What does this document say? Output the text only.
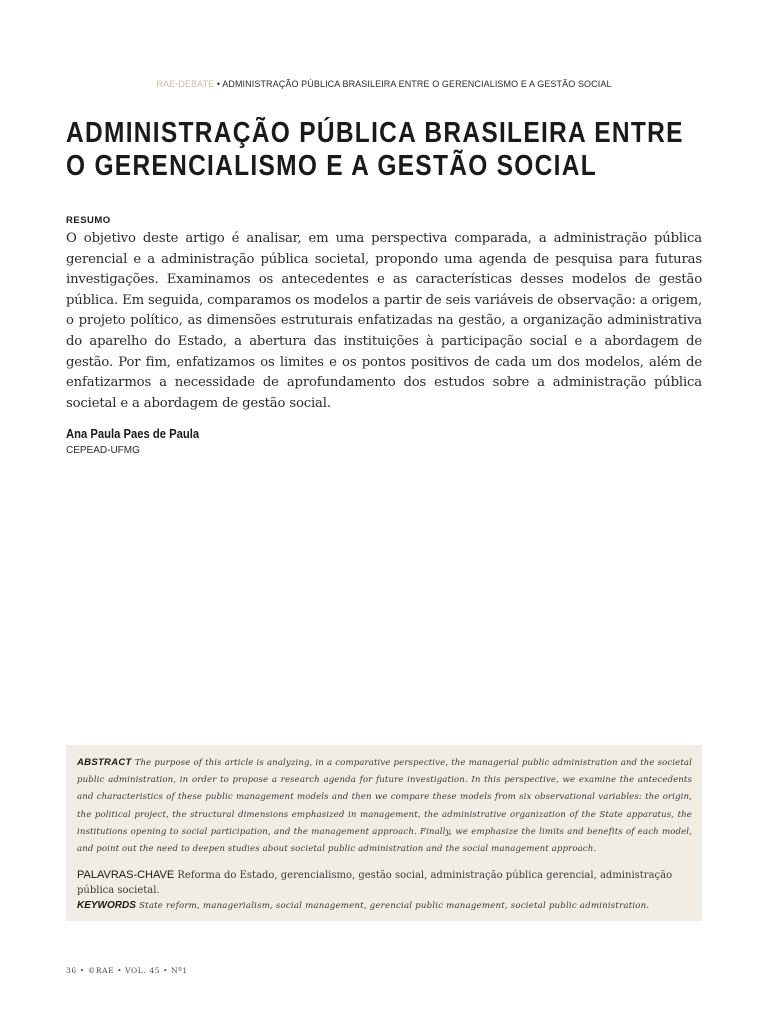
RAE-DEBATE • ADMINISTRAÇÃO PÚBLICA BRASILEIRA ENTRE O GERENCIALISMO E A GESTÃO SOCIAL
ADMINISTRAÇÃO PÚBLICA BRASILEIRA ENTRE
O GERENCIALISMO E A GESTÃO SOCIAL
RESUMO

O objetivo deste artigo é analisar, em uma perspectiva comparada, a administração pública gerencial e a administração pública societal, propondo uma agenda de pesquisa para futuras investigações. Examinamos os antecedentes e as características desses modelos de gestão pública. Em seguida, comparamos os modelos a partir de seis variáveis de observação: a origem, o projeto político, as dimensões estruturais enfatizadas na gestão, a organização administrativa do aparelho do Estado, a abertura das instituições à participação social e a abordagem de gestão. Por fim, enfatizamos os limites e os pontos positivos de cada um dos modelos, além de enfatizarmos a necessidade de aprofundamento dos estudos sobre a administração pública societal e a abordagem de gestão social.

Ana Paula Paes de Paula
CEPEAD-UFMG
ABSTRACT The purpose of this article is analyzing, in a comparative perspective, the managerial public administration and the societal public administration, in order to propose a research agenda for future investigation. In this perspective, we examine the antecedents and characteristics of these public management models and then we compare these models from six observational variables: the origin, the political project, the structural dimensions emphasized in management, the administrative organization of the State apparatus, the institutions opening to social participation, and the management approach. Finally, we emphasize the limits and benefits of each model, and point out the need to deepen studies about societal public administration and the social management approach.
PALAVRAS-CHAVE Reforma do Estado, gerencialismo, gestão social, administração pública gerencial, administração pública societal.
KEYWORDS State reform, managerialism, social management, gerencial public management, societal public administration.
36 • ©RAE • VOL. 45 • Nº1
